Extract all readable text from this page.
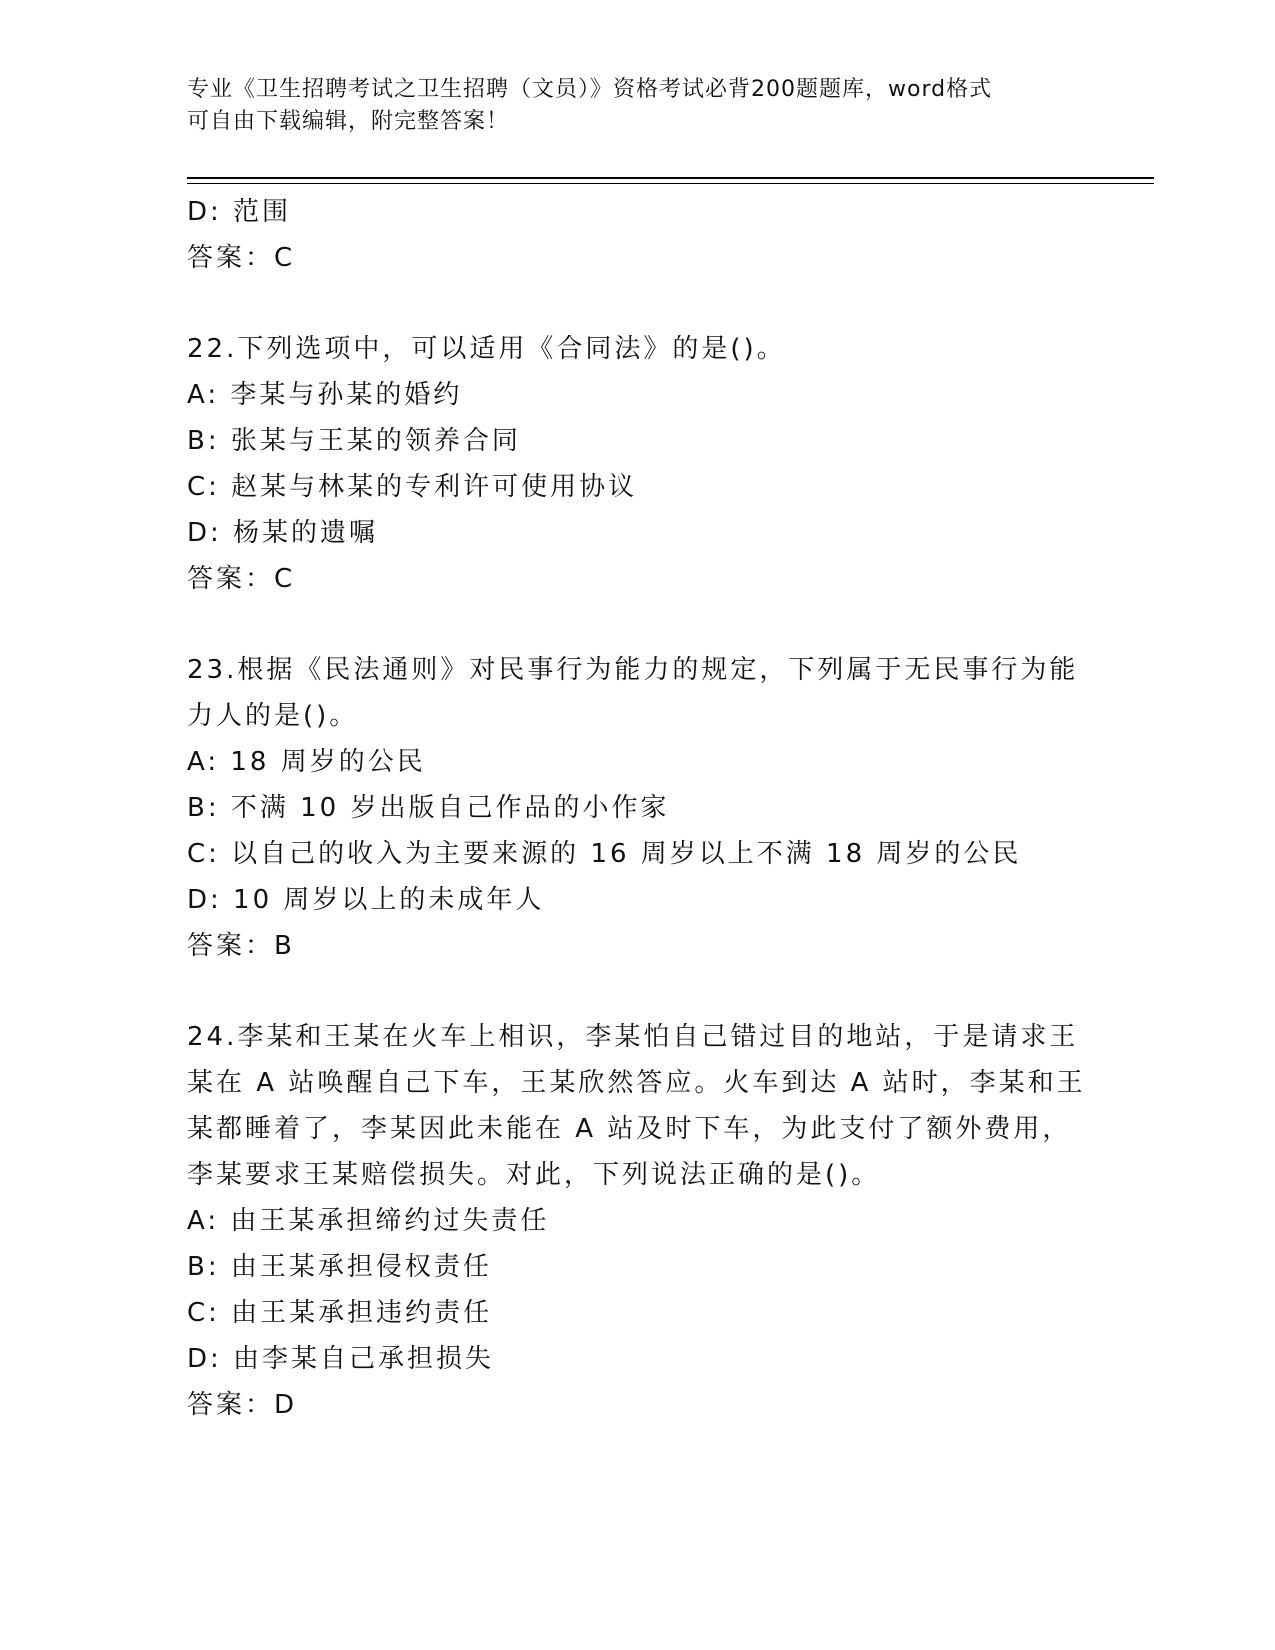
专业《卫生招聘考试之卫生招聘（文员）》资格考试必背200题题库，word格式
可自由下载编辑，附完整答案！
D: 范围
答案：C
22.下列选项中，可以适用《合同法》的是()。
A: 李某与孙某的婚约
B: 张某与王某的领养合同
C: 赵某与林某的专利许可使用协议
D: 杨某的遗嘱
答案：C
23.根据《民法通则》对民事行为能力的规定，下列属于无民事行为能
力人的是()。
A: 18 周岁的公民
B: 不满 10 岁出版自己作品的小作家
C: 以自己的收入为主要来源的 16 周岁以上不满 18 周岁的公民
D: 10 周岁以上的未成年人
答案：B
24.李某和王某在火车上相识，李某怕自己错过目的地站，于是请求王
某在 A 站唤醒自己下车，王某欣然答应。火车到达 A 站时，李某和王
某都睡着了，李某因此未能在 A 站及时下车，为此支付了额外费用，
李某要求王某赔偿损失。对此，下列说法正确的是()。
A: 由王某承担缔约过失责任
B: 由王某承担侵权责任
C: 由王某承担违约责任
D: 由李某自己承担损失
答案：D
